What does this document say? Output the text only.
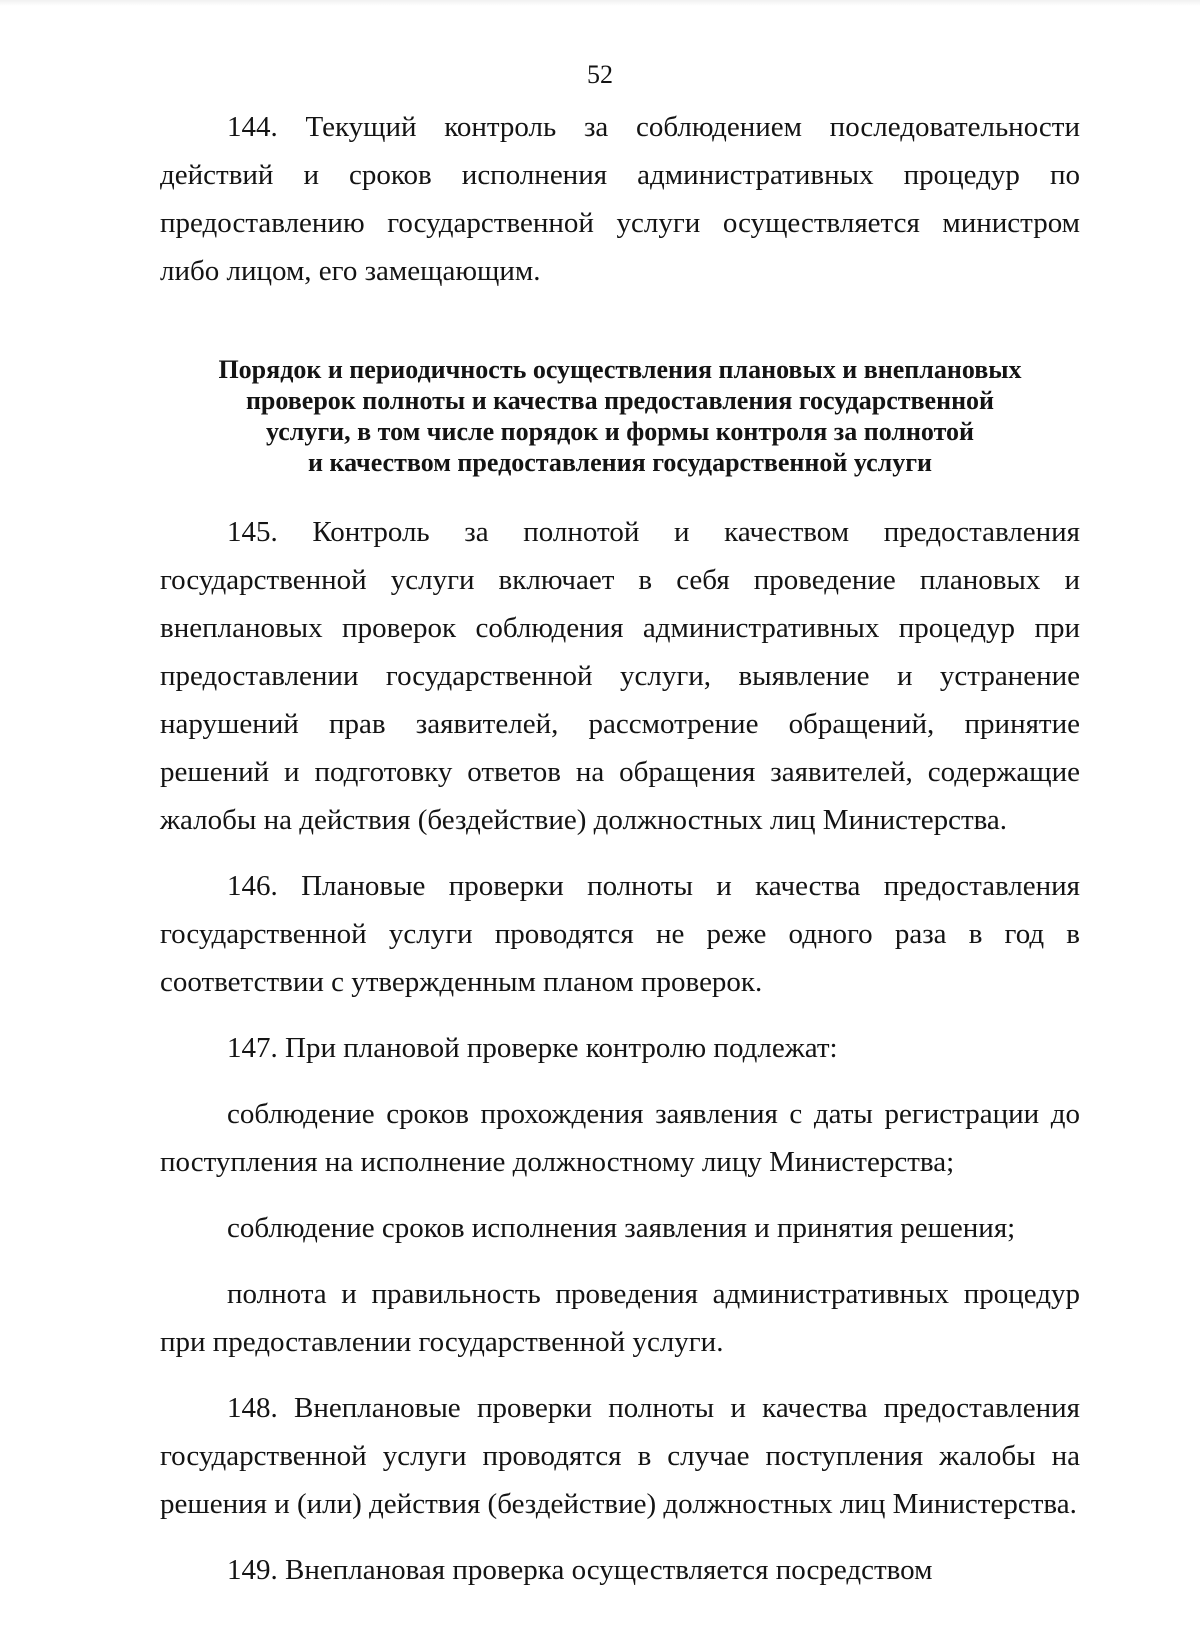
52

144. Текущий контроль за соблюдением последовательности действий и сроков исполнения административных процедур по предоставлению государственной услуги осуществляется министром либо лицом, его замещающим.

Порядок и периодичность осуществления плановых и внеплановых
проверок полноты и качества предоставления государственной
услуги, в том числе порядок и формы контроля за полнотой
и качеством предоставления государственной услуги

145. Контроль за полнотой и качеством предоставления государственной услуги включает в себя проведение плановых и внеплановых проверок соблюдения административных процедур при предоставлении государственной услуги, выявление и устранение нарушений прав заявителей, рассмотрение обращений, принятие решений и подготовку ответов на обращения заявителей, содержащие жалобы на действия (бездействие) должностных лиц Министерства.

146. Плановые проверки полноты и качества предоставления государственной услуги проводятся не реже одного раза в год в соответствии с утвержденным планом проверок.

147. При плановой проверке контролю подлежат:

соблюдение сроков прохождения заявления с даты регистрации до поступления на исполнение должностному лицу Министерства;

соблюдение сроков исполнения заявления и принятия решения;

полнота и правильность проведения административных процедур при предоставлении государственной услуги.

148. Внеплановые проверки полноты и качества предоставления государственной услуги проводятся в случае поступления жалобы на решения и (или) действия (бездействие) должностных лиц Министерства.

149. Внеплановая проверка осуществляется посредством
